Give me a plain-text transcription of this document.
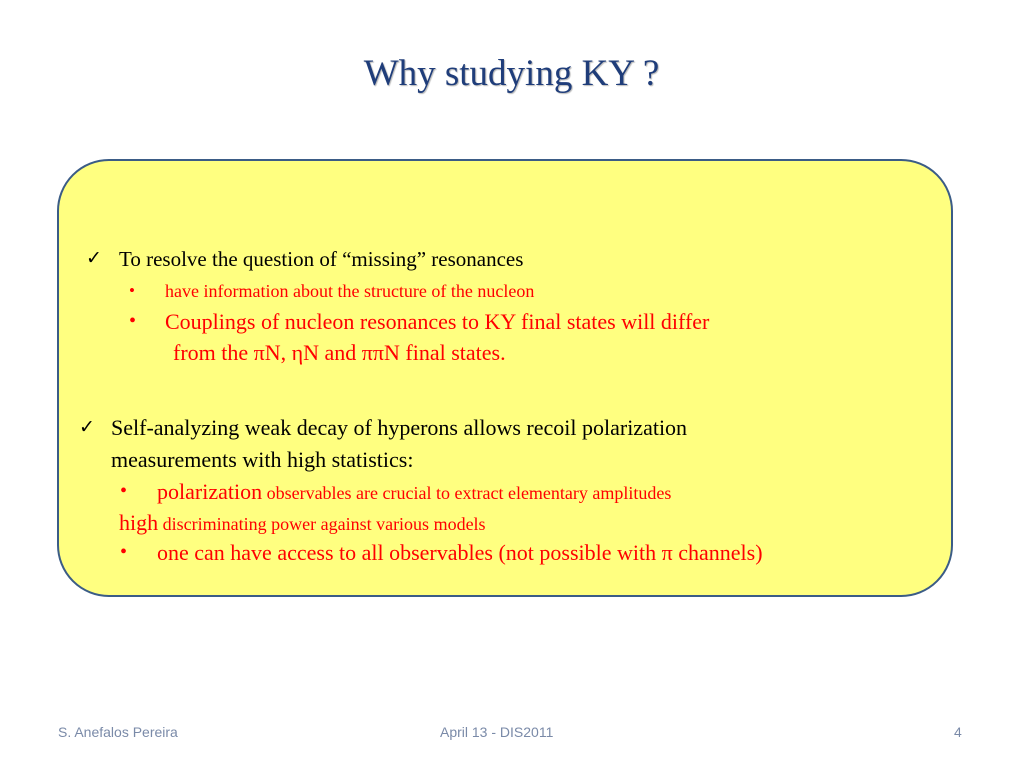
Why studying KY ?
✓ To resolve the question of “missing” resonances
• have information about the structure of the nucleon
• Couplings of nucleon resonances to KY final states will differ
from the πN, ηN and ππN final states.
✓ Self-analyzing weak decay of hyperons allows recoil polarization
measurements with high statistics:
• polarization observables are crucial to extract elementary amplitudes
high discriminating power against various models
• one can have access to all observables (not possible with π channels)
S. Anefalos Pereira	April 13 - DIS2011	4
